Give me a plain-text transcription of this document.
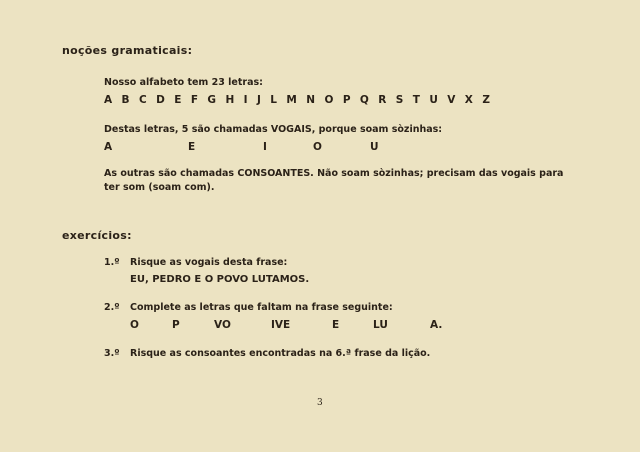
noções gramaticais:
Nosso alfabeto tem 23 letras:
A B C D E F G H I J L M N O P Q R S T U V X Z
Destas letras, 5 são chamadas VOGAIS, porque soam sòzinhas:
A	E	I	O	U
As outras são chamadas CONSOANTES. Não soam sòzinhas; precisam das vogais para
ter som (soam com).
exercícios:
1.º Risque as vogais desta frase:
EU, PEDRO E O POVO LUTAMOS.
2.º Complete as letras que faltam na frase seguinte:
O	P	VO	IVE	E	LU	A.
3.º Risque as consoantes encontradas na 6.ª frase da lição.
3
